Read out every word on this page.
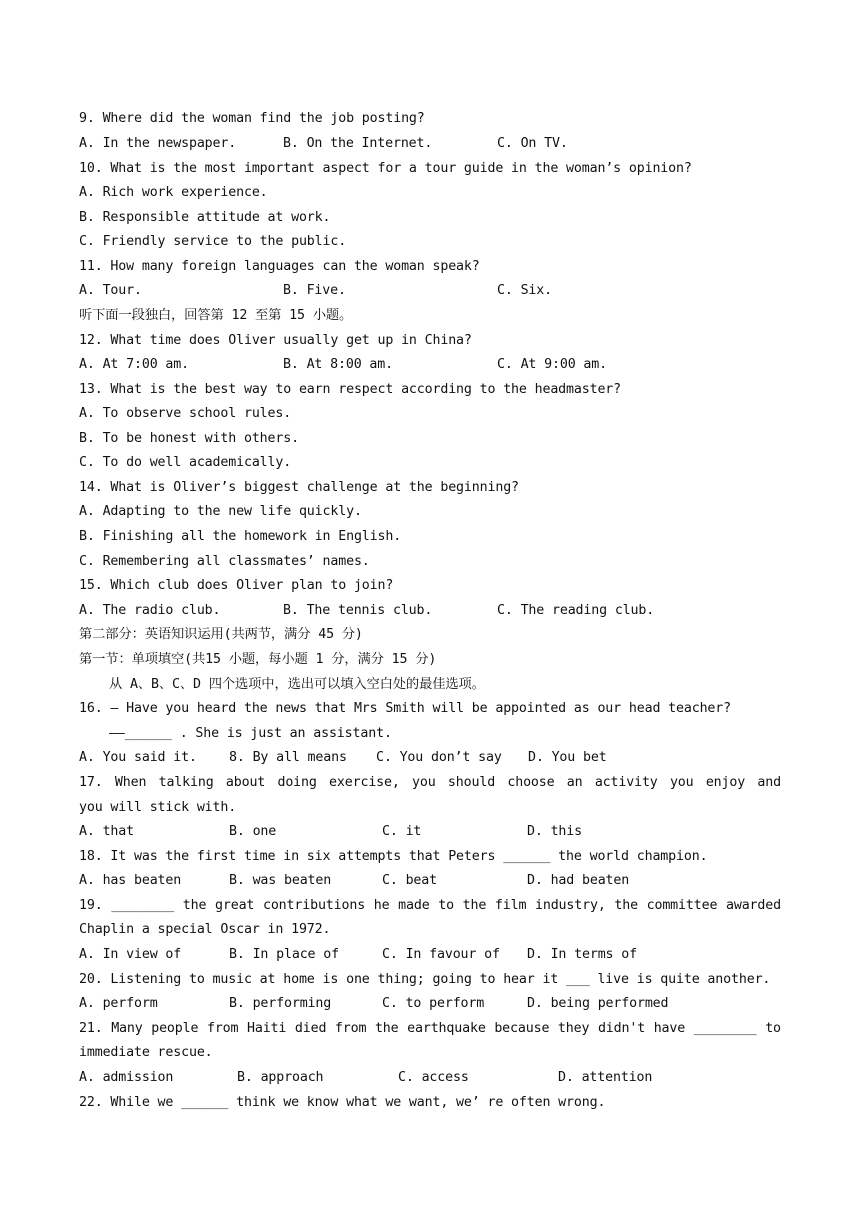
9. Where did the woman find the job posting?

A. In the newspaper.

	B. On the Internet.

	C. On TV.

10. What is the most important aspect for a tour guide in the woman’s opinion?
A. Rich work experience.
B. Responsible attitude at work.
C. Friendly service to the public.
11. How many foreign languages can the woman speak?

A. Tour.

	B. Five.

	C. Six.

听下面一段独白，回答第 12 至第 15 小题。
12. What time does Oliver usually get up in China?

A. At 7:00 am.

	B. At 8:00 am.

	C. At 9:00 am.

13. What is the best way to earn respect according to the headmaster?
A. To observe school rules.
B. To be honest with others.
C. To do well academically.
14. What is Oliver’s biggest challenge at the beginning?
A. Adapting to the new life quickly.
B. Finishing all the homework in English.
C. Remembering all classmates’ names.
15. Which club does Oliver plan to join?

A. The radio club.

	B. The tennis club.

	C. The reading club.

第二部分：英语知识运用(共两节，满分 45 分)
第一节：单项填空(共15 小题，每小题 1 分，满分 15 分)
从 A、B、C、D 四个选项中，选出可以填入空白处的最佳选项。
16. — Have you heard the news that Mrs Smith will be appointed as our head teacher?
——______ . She is just an assistant.

A. You said it.

8. By all means

C. You don’t say

D. You bet

17. When talking about doing exercise, you should choose an activity you enjoy and
you will stick with.

A. that

	B. one

	C. it

	D. this

18. It was the first time in six attempts that Peters ______ the world champion.

A. has beaten

	B. was beaten

	C. beat

	D. had beaten

19. ________ the great contributions he made to the film industry, the committee awarded
Chaplin a special Oscar in 1972.

A. In view of

	B. In place of

	C. In favour of

D. In terms of

20. Listening to music at home is one thing; going to hear it ___ live is quite another.

A. perform

	B. performing

	C. to perform

	D. being performed

21. Many people from Haiti died from the earthquake because they didn't have ________ to
immediate rescue.

A. admission

	B. approach

	C. access

	D. attention

22. While we ______ think we know what we want, we’ re often wrong.
